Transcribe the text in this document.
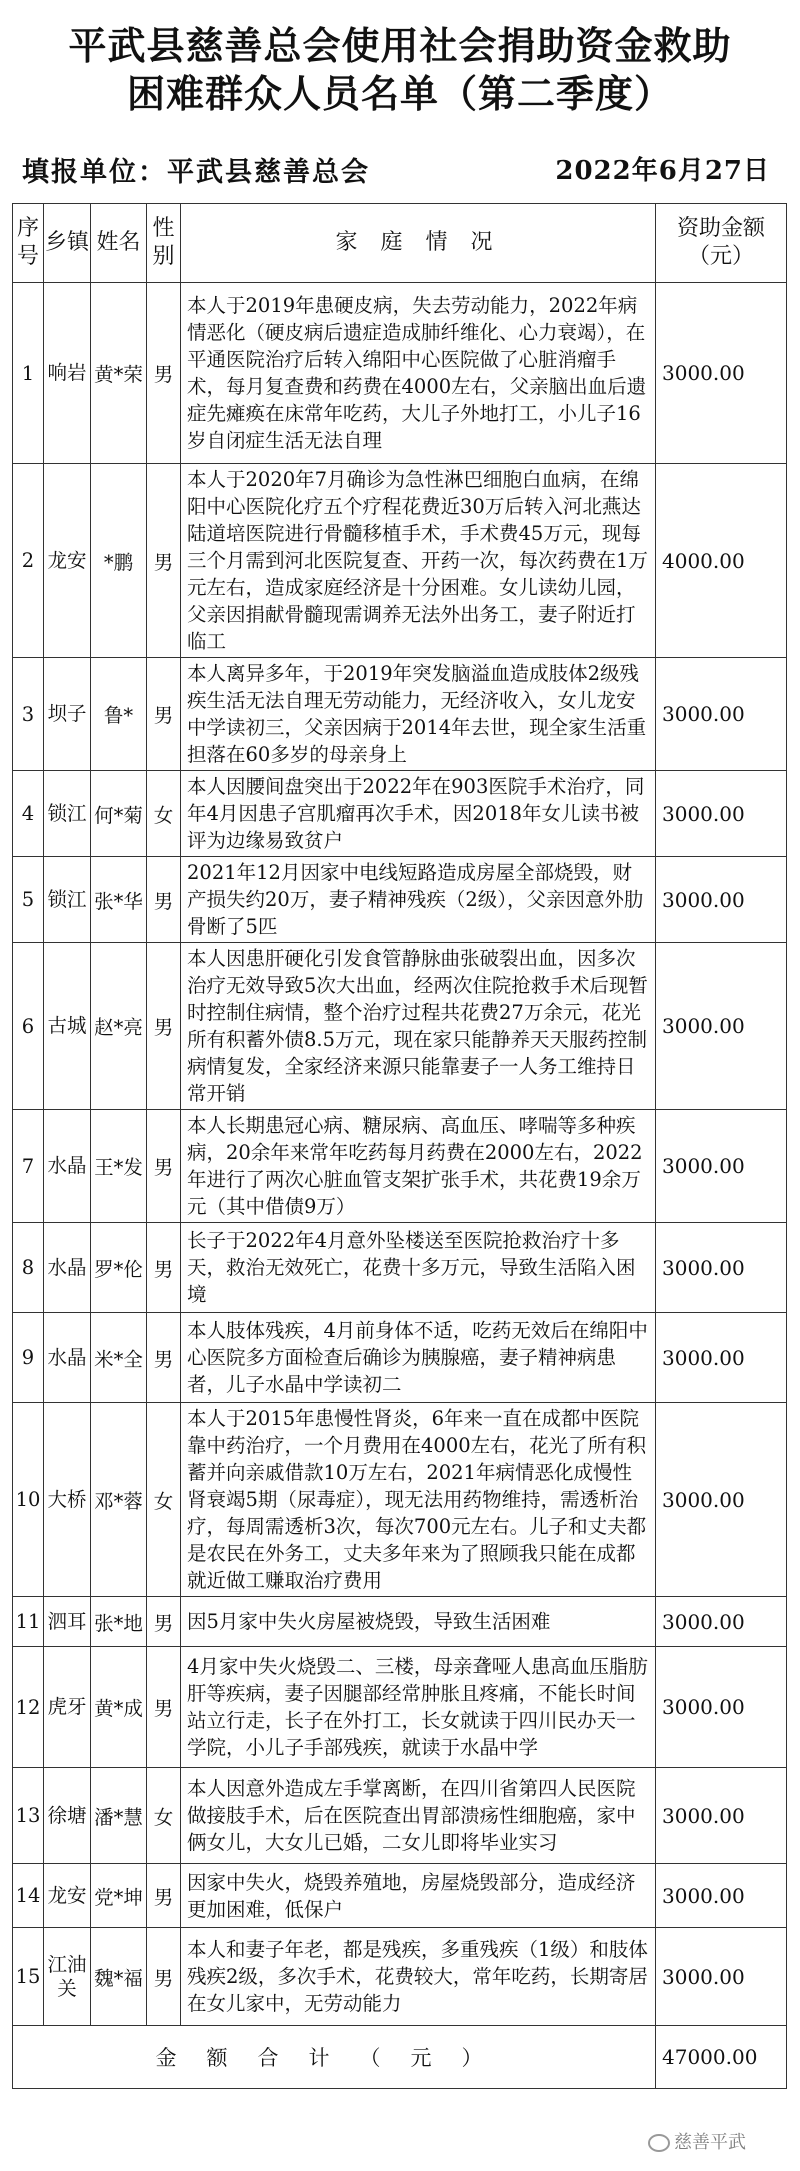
平武县慈善总会使用社会捐助资金救助
困难群众人员名单（第二季度）
填报单位：平武县慈善总会	2022年6月27日
序号	乡镇	姓名	性别	家 庭 情 况	资助金额（元）
1	响岩	黄*荣	男	本人于2019年患硬皮病，失去劳动能力，2022年病情恶化（硬皮病后遗症造成肺纤维化、心力衰竭），在平通医院治疗后转入绵阳中心医院做了心脏消瘤手术，每月复查费和药费在4000左右，父亲脑出血后遗症先瘫痪在床常年吃药，大儿子外地打工，小儿子16岁自闭症生活无法自理	3000.00
2	龙安	*鹏	男	本人于2020年7月确诊为急性淋巴细胞白血病，在绵阳中心医院化疗五个疗程花费近30万后转入河北燕达陆道培医院进行骨髓移植手术，手术费45万元，现每三个月需到河北医院复查、开药一次，每次药费在1万元左右，造成家庭经济是十分困难。女儿读幼儿园，父亲因捐献骨髓现需调养无法外出务工，妻子附近打临工	4000.00
3	坝子	鲁*	男	本人离异多年，于2019年突发脑溢血造成肢体2级残疾生活无法自理无劳动能力，无经济收入，女儿龙安中学读初三，父亲因病于2014年去世，现全家生活重担落在60多岁的母亲身上	3000.00
4	锁江	何*菊	女	本人因腰间盘突出于2022年在903医院手术治疗，同年4月因患子宫肌瘤再次手术，因2018年女儿读书被评为边缘易致贫户	3000.00
5	锁江	张*华	男	2021年12月因家中电线短路造成房屋全部烧毁，财产损失约20万，妻子精神残疾（2级），父亲因意外肋骨断了5匹	3000.00
6	古城	赵*亮	男	本人因患肝硬化引发食管静脉曲张破裂出血，因多次治疗无效导致5次大出血，经两次住院抢救手术后现暂时控制住病情，整个治疗过程共花费27万余元，花光所有积蓄外债8.5万元，现在家只能静养天天服药控制病情复发，全家经济来源只能靠妻子一人务工维持日常开销	3000.00
7	水晶	王*发	男	本人长期患冠心病、糖尿病、高血压、哮喘等多种疾病，20余年来常年吃药每月药费在2000左右，2022年进行了两次心脏血管支架扩张手术，共花费19余万元（其中借债9万）	3000.00
8	水晶	罗*伦	男	长子于2022年4月意外坠楼送至医院抢救治疗十多天，救治无效死亡，花费十多万元，导致生活陷入困境	3000.00
9	水晶	米*全	男	本人肢体残疾，4月前身体不适，吃药无效后在绵阳中心医院多方面检查后确诊为胰腺癌，妻子精神病患者，儿子水晶中学读初二	3000.00
10	大桥	邓*蓉	女	本人于2015年患慢性肾炎，6年来一直在成都中医院靠中药治疗，一个月费用在4000左右，花光了所有积蓄并向亲戚借款10万左右，2021年病情恶化成慢性肾衰竭5期（尿毒症），现无法用药物维持，需透析治疗，每周需透析3次，每次700元左右。儿子和丈夫都是农民在外务工，丈夫多年来为了照顾我只能在成都就近做工赚取治疗费用	3000.00
11	泗耳	张*地	男	因5月家中失火房屋被烧毁，导致生活困难	3000.00
12	虎牙	黄*成	男	4月家中失火烧毁二、三楼，母亲聋哑人患高血压脂肪肝等疾病，妻子因腿部经常肿胀且疼痛，不能长时间站立行走，长子在外打工，长女就读于四川民办天一学院，小儿子手部残疾，就读于水晶中学	3000.00
13	徐塘	潘*慧	女	本人因意外造成左手掌离断，在四川省第四人民医院做接肢手术，后在医院查出胃部溃疡性细胞癌，家中俩女儿，大女儿已婚，二女儿即将毕业实习	3000.00
14	龙安	党*坤	男	因家中失火，烧毁养殖地，房屋烧毁部分，造成经济更加困难，低保户	3000.00
15	江油关	魏*福	男	本人和妻子年老，都是残疾，多重残疾（1级）和肢体残疾2级，多次手术，花费较大，常年吃药，长期寄居在女儿家中，无劳动能力	3000.00
金额合计（元）					47000.00
慈善平武
